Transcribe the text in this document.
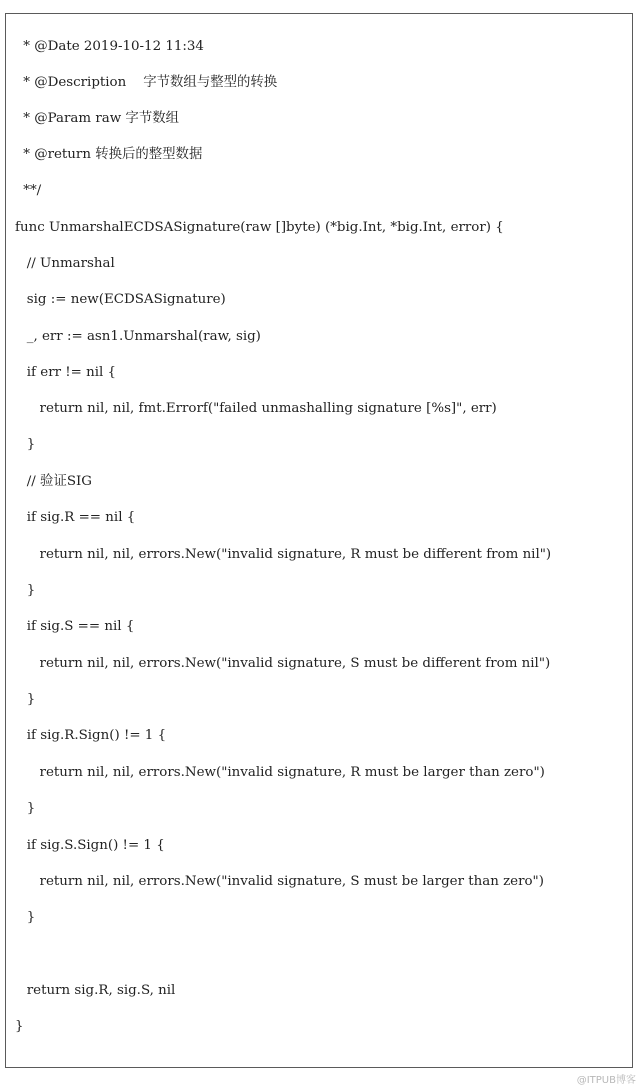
* @Date 2019-10-12 11:34
* @Description    字节数组与整型的转换
* @Param raw 字节数组
* @return 转换后的整型数据
**/
func UnmarshalECDSASignature(raw []byte) (*big.Int, *big.Int, error) {
// Unmarshal
sig := new(ECDSASignature)
_, err := asn1.Unmarshal(raw, sig)
if err != nil {
return nil, nil, fmt.Errorf("failed unmashalling signature [%s]", err)
}
// 验证SIG
if sig.R == nil {
return nil, nil, errors.New("invalid signature, R must be different from nil")
}
if sig.S == nil {
return nil, nil, errors.New("invalid signature, S must be different from nil")
}
if sig.R.Sign() != 1 {
return nil, nil, errors.New("invalid signature, R must be larger than zero")
}
if sig.S.Sign() != 1 {
return nil, nil, errors.New("invalid signature, S must be larger than zero")
}
return sig.R, sig.S, nil
}
@ITPUB博客
